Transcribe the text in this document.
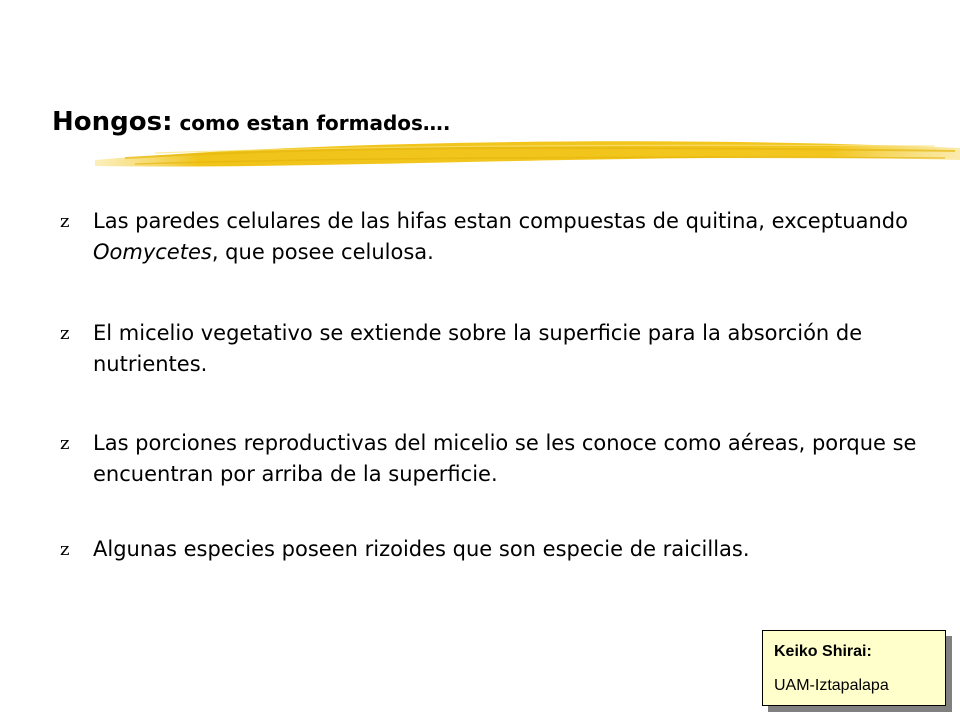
Hongos: como estan formados….
z	Las paredes celulares de las hifas estan compuestas de quitina, exceptuando Oomycetes, que posee celulosa.
z	El micelio vegetativo se extiende sobre la superficie para la absorción de nutrientes.
z	Las porciones reproductivas del micelio se les conoce como aéreas, porque se encuentran por arriba de la superficie.
z	Algunas especies poseen rizoides que son especie de raicillas.
Keiko Shirai:
UAM-Iztapalapa
